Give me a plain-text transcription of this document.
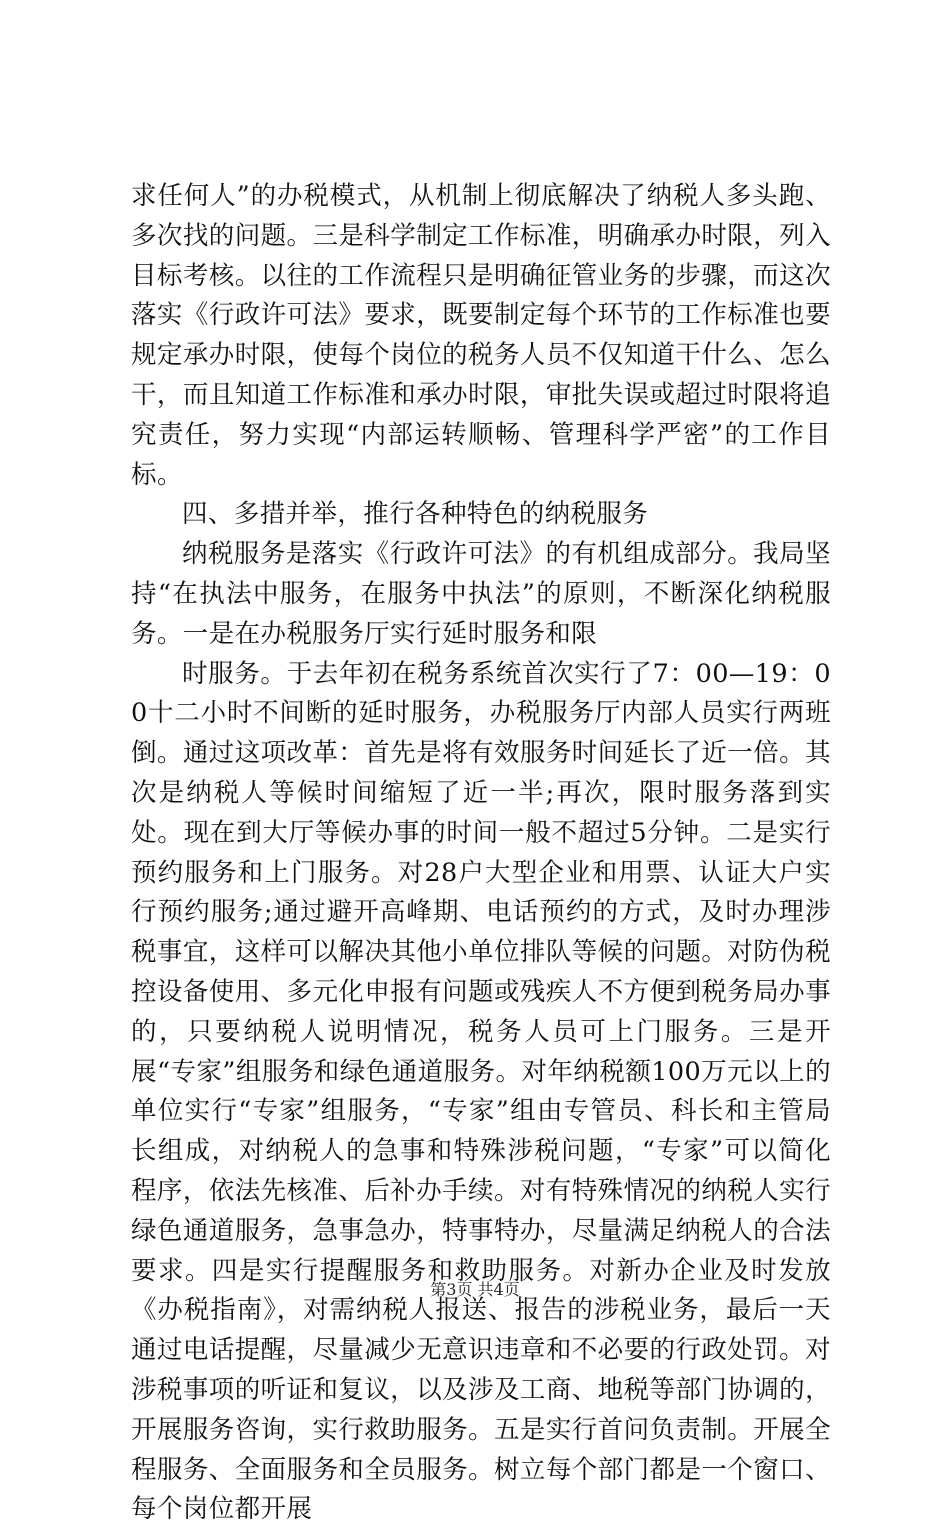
求任何人”的办税模式，从机制上彻底解决了纳税人多头跑、多次找的问题。三是科学制定工作标准，明确承办时限，列入目标考核。以往的工作流程只是明确征管业务的步骤，而这次落实《行政许可法》要求，既要制定每个环节的工作标准也要规定承办时限，使每个岗位的税务人员不仅知道干什么、怎么干，而且知道工作标准和承办时限，审批失误或超过时限将追究责任，努力实现“内部运转顺畅、管理科学严密”的工作目标。

四、多措并举，推行各种特色的纳税服务

纳税服务是落实《行政许可法》的有机组成部分。我局坚持“在执法中服务，在服务中执法”的原则，不断深化纳税服务。一是在办税服务厅实行延时服务和限

时服务。于去年初在税务系统首次实行了7：00—19：00十二小时不间断的延时服务，办税服务厅内部人员实行两班倒。通过这项改革：首先是将有效服务时间延长了近一倍。其次是纳税人等候时间缩短了近一半;再次，限时服务落到实处。现在到大厅等候办事的时间一般不超过5分钟。二是实行预约服务和上门服务。对28户大型企业和用票、认证大户实行预约服务;通过避开高峰期、电话预约的方式，及时办理涉税事宜，这样可以解决其他小单位排队等候的问题。对防伪税控设备使用、多元化申报有问题或残疾人不方便到税务局办事的，只要纳税人说明情况，税务人员可上门服务。三是开展“专家”组服务和绿色通道服务。对年纳税额100万元以上的单位实行“专家”组服务，“专家”组由专管员、科长和主管局长组成，对纳税人的急事和特殊涉税问题，“专家”可以简化程序，依法先核准、后补办手续。对有特殊情况的纳税人实行绿色通道服务，急事急办，特事特办，尽量满足纳税人的合法要求。四是实行提醒服务和救助服务。对新办企业及时发放《办税指南》，对需纳税人报送、报告的涉税业务，最后一天通过电话提醒，尽量减少无意识违章和不必要的行政处罚。对涉税事项的听证和复议，以及涉及工商、地税等部门协调的，开展服务咨询，实行救助服务。五是实行首问负责制。开展全程服务、全面服务和全员服务。树立每个部门都是一个窗口、每个岗位都开展

第3页 共4页
